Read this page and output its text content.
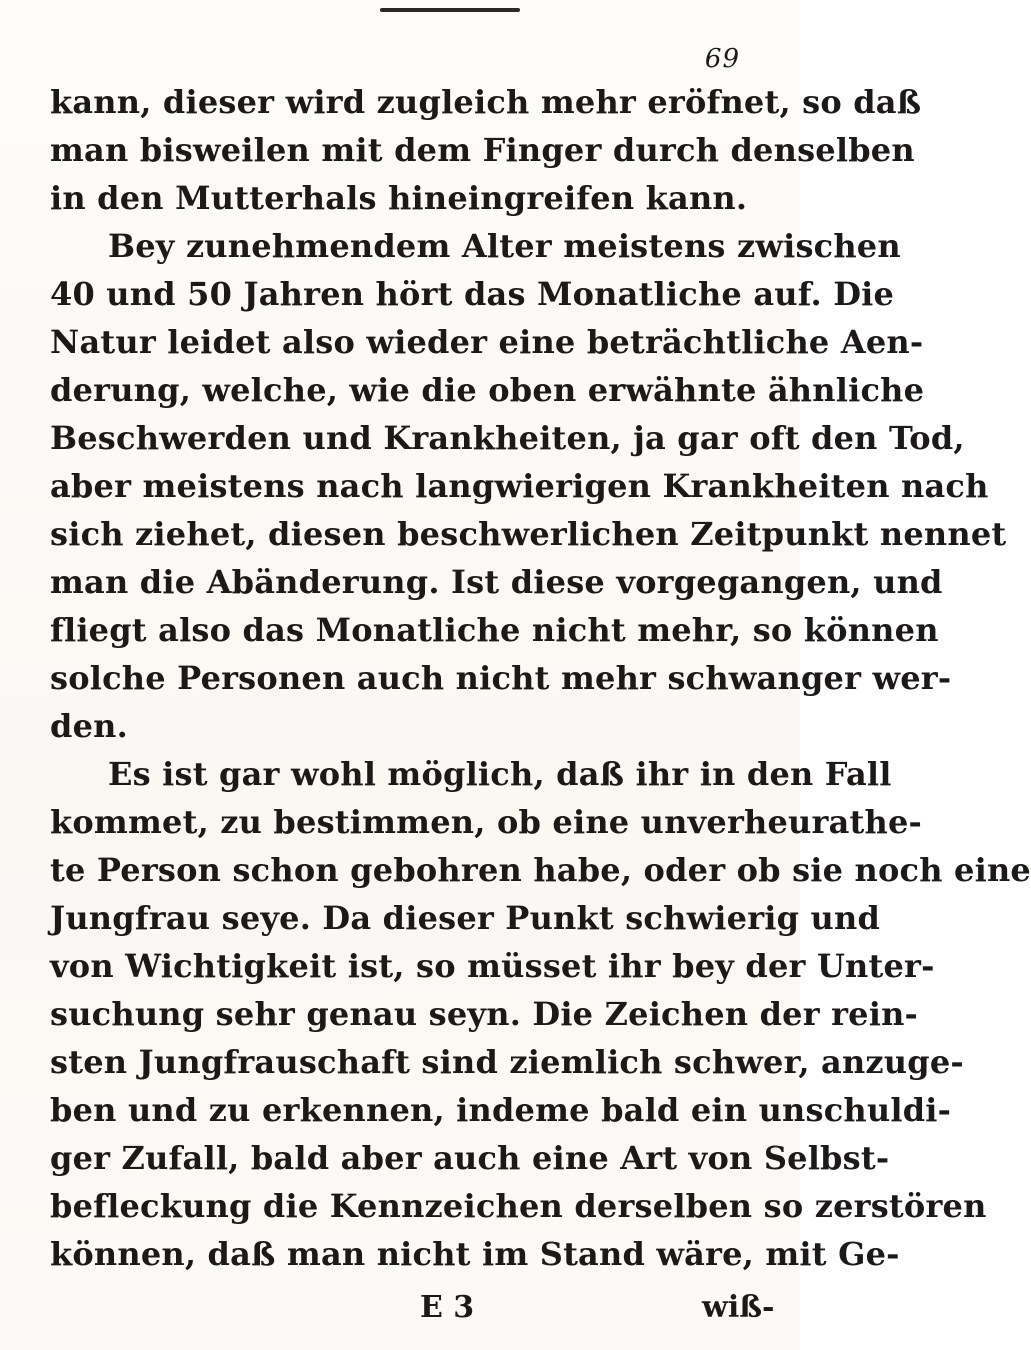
69
kann, dieser wird zugleich mehr eröfnet, so daß
man bisweilen mit dem Finger durch denselben
in den Mutterhals hineingreifen kann.
Bey zunehmendem Alter meistens zwischen
40 und 50 Jahren hört das Monatliche auf. Die
Natur leidet also wieder eine beträchtliche Aen-
derung, welche, wie die oben erwähnte ähnliche
Beschwerden und Krankheiten, ja gar oft den Tod,
aber meistens nach langwierigen Krankheiten nach
sich ziehet, diesen beschwerlichen Zeitpunkt nennet
man die Abänderung. Ist diese vorgegangen, und
fliegt also das Monatliche nicht mehr, so können
solche Personen auch nicht mehr schwanger wer-
den.
Es ist gar wohl möglich, daß ihr in den Fall
kommet, zu bestimmen, ob eine unverheurathe-
te Person schon gebohren habe, oder ob sie noch eine
Jungfrau seye. Da dieser Punkt schwierig und
von Wichtigkeit ist, so müsset ihr bey der Unter-
suchung sehr genau seyn. Die Zeichen der rein-
sten Jungfrauschaft sind ziemlich schwer, anzuge-
ben und zu erkennen, indeme bald ein unschuldi-
ger Zufall, bald aber auch eine Art von Selbst-
befleckung die Kennzeichen derselben so zerstören
können, daß man nicht im Stand wäre, mit Ge-
E 3	wiß-
